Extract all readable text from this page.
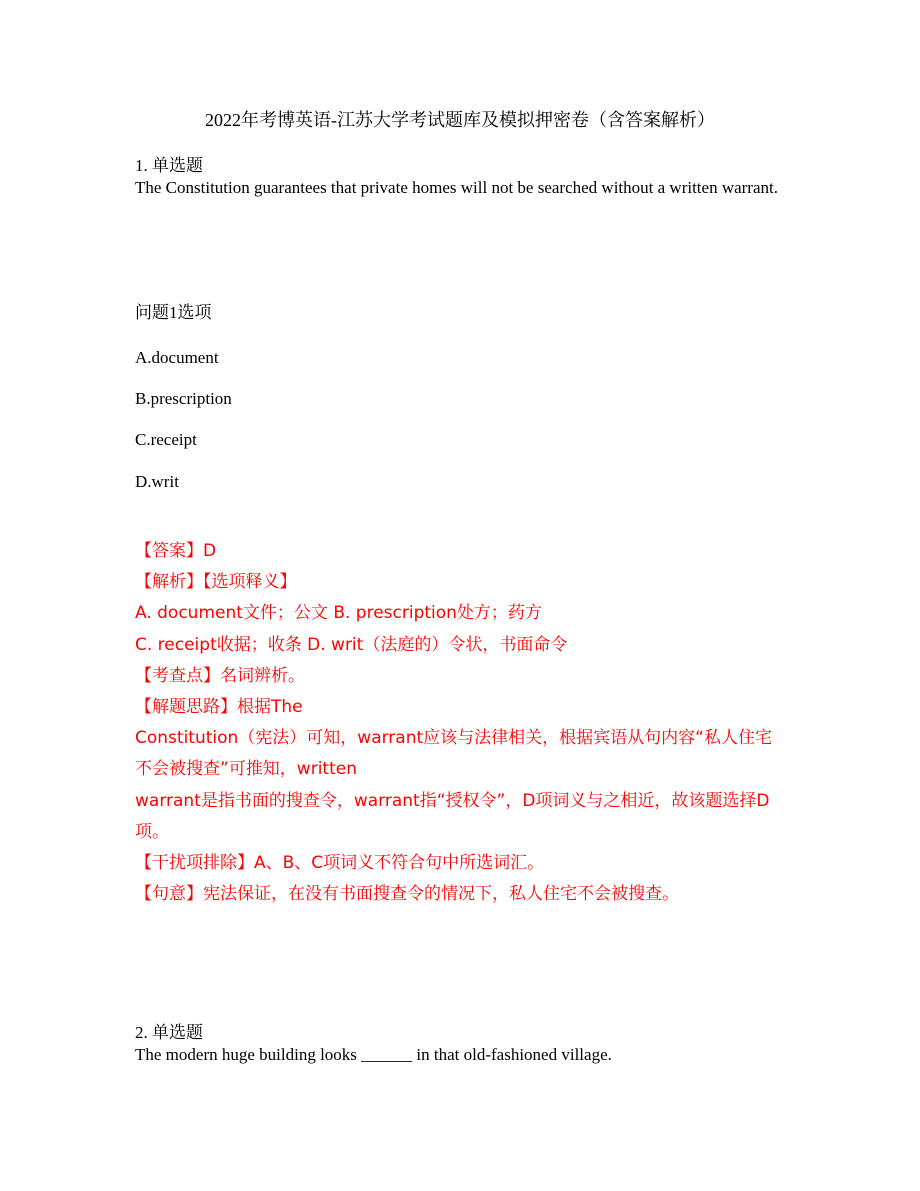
2022年考博英语-江苏大学考试题库及模拟押密卷（含答案解析）
1. 单选题
The Constitution guarantees that private homes will not be searched without a written warrant.
问题1选项
A.document
B.prescription
C.receipt
D.writ

【答案】D

【解析】【选项释义】

A. document文件；公文 B. prescription处方；药方

C. receipt收据；收条 D. writ（法庭的）令状，书面命令

【考查点】名词辨析。

【解题思路】根据The

Constitution（宪法）可知，warrant应该与法律相关，根据宾语从句内容“私人住宅不会被搜查”可推知，written

warrant是指书面的搜查令，warrant指“授权令”，D项词义与之相近，故该题选择D项。

【干扰项排除】A、B、C项词义不符合句中所选词汇。

【句意】宪法保证，在没有书面搜查令的情况下，私人住宅不会被搜查。

2. 单选题
The modern huge building looks ______ in that old-fashioned village.
